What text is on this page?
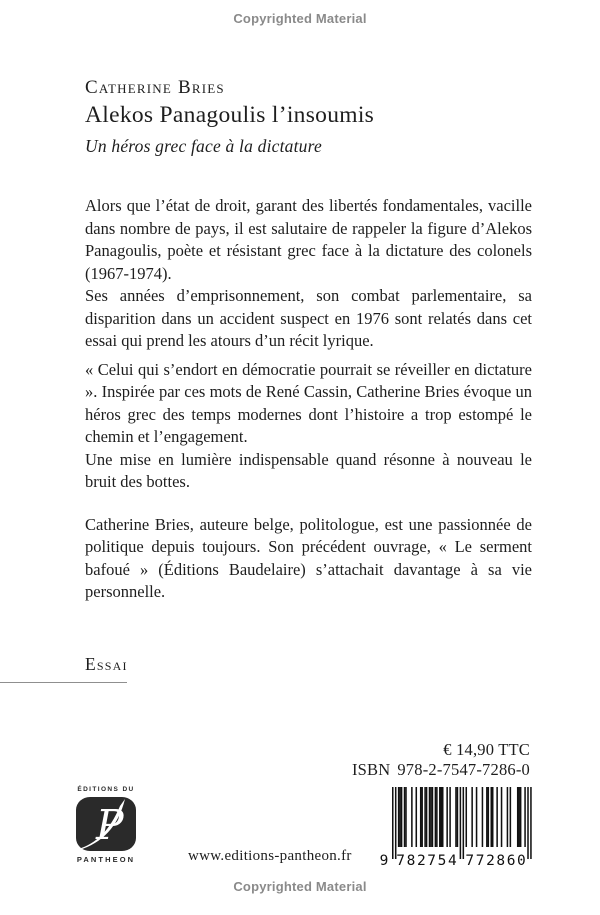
Copyrighted Material
Catherine Bries
Alekos Panagoulis l’insoumis
Un héros grec face à la dictature

Alors que l’état de droit, garant des libertés fondamentales, vacille dans nombre de pays, il est salutaire de rappeler la figure d’Alekos Panagoulis, poète et résistant grec face à la dictature des colonels (1967-1974).

Ses années d’emprisonnement, son combat parlementaire, sa disparition dans un accident suspect en 1976 sont relatés dans cet essai qui prend les atours d’un récit lyrique.

« Celui qui s’endort en démocratie pourrait se réveiller en dictature ». Inspirée par ces mots de René Cassin, Catherine Bries évoque un héros grec des temps modernes dont l’histoire a trop estompé le chemin et l’engagement.

Une mise en lumière indispensable quand résonne à nouveau le bruit des bottes.

Catherine Bries, auteure belge, politologue, est une passionnée de politique depuis toujours. Son précédent ouvrage, « Le serment bafoué » (Éditions Baudelaire) s’attachait davantage à sa vie personnelle.

Essai
€ 14,90 TTC
ISBN 978-2-7547-7286-0
ÉDITIONS DU
P
PANTHEON	www.editions-pantheon.fr 9 782754 772860
Copyrighted Material
